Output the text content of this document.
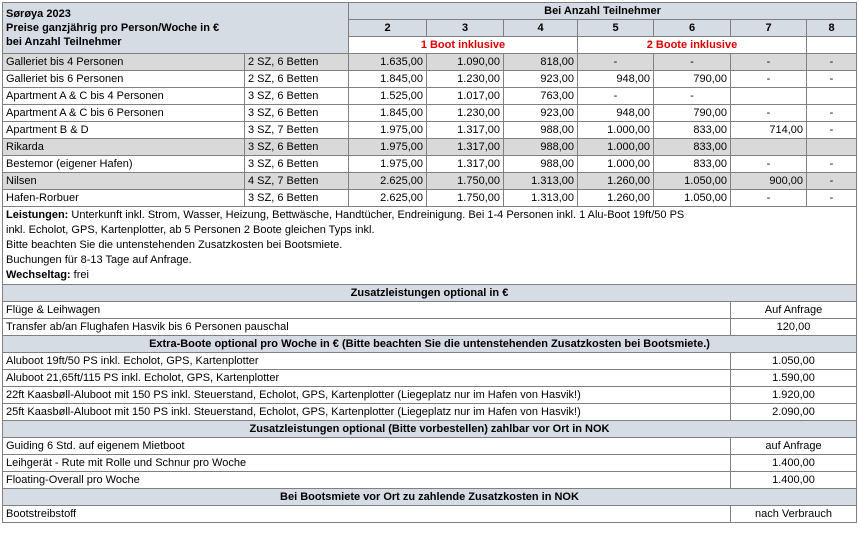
Sørøya 2023
Preise ganzjährig pro Person/Woche in €
bei Anzahl Teilnehmer		Bei Anzahl Teilnehmer						
		2	3	4	5	6	7	8
		1 Boot inklusive			2 Boote inklusive			
Galleriet bis 4 Personen	2 SZ, 6 Betten	1.635,00	1.090,00	818,00	-	-	-	-
Galleriet bis 6 Personen	2 SZ, 6 Betten	1.845,00	1.230,00	923,00	948,00	790,00	-	-
Apartment A & C bis 4 Personen	3 SZ, 6 Betten	1.525,00	1.017,00	763,00	-	-		
Apartment A & C bis 6 Personen	3 SZ, 6 Betten	1.845,00	1.230,00	923,00	948,00	790,00	-	-
Apartment B & D	3 SZ, 7 Betten	1.975,00	1.317,00	988,00	1.000,00	833,00	714,00	-
Rikarda	3 SZ, 6 Betten	1.975,00	1.317,00	988,00	1.000,00	833,00		
Bestemor (eigener Hafen)	3 SZ, 6 Betten	1.975,00	1.317,00	988,00	1.000,00	833,00	-	-
Nilsen	4 SZ, 7 Betten	2.625,00	1.750,00	1.313,00	1.260,00	1.050,00	900,00	-
Hafen-Rorbuer	3 SZ, 6 Betten	2.625,00	1.750,00	1.313,00	1.260,00	1.050,00	-	-

Leistungen: Unterkunft inkl. Strom, Wasser, Heizung, Bettwäsche, Handtücher, Endreinigung. Bei 1-4 Personen inkl. 1 Alu-Boot 19ft/50 PS
inkl. Echolot, GPS, Kartenplotter, ab 5 Personen 2 Boote gleichen Typs inkl.
Bitte beachten Sie die untenstehenden Zusatzkosten bei Bootsmiete.
Buchungen für 8-13 Tage auf Anfrage.
Wechseltag: frei								

Zusatzleistungen optional in €								
Flüge & Leihwagen							Auf Anfrage	
Transfer ab/an Flughafen Hasvik bis 6 Personen pauschal							120,00	
Extra-Boote optional pro Woche in € (Bitte beachten Sie die untenstehenden Zusatzkosten bei Bootsmiete.)								
Aluboot 19ft/50 PS inkl. Echolot, GPS, Kartenplotter							1.050,00	
Aluboot 21,65ft/115 PS inkl. Echolot, GPS, Kartenplotter							1.590,00	
22ft Kaasbøll-Aluboot mit 150 PS inkl. Steuerstand, Echolot, GPS, Kartenplotter (Liegeplatz nur im Hafen von Hasvik!)							1.920,00	
25ft Kaasbøll-Aluboot mit 150 PS inkl. Steuerstand, Echolot, GPS, Kartenplotter (Liegeplatz nur im Hafen von Hasvik!)							2.090,00	
Zusatzleistungen optional (Bitte vorbestellen) zahlbar vor Ort in NOK								
Guiding 6 Std. auf eigenem Mietboot							auf Anfrage	
Leihgerät - Rute mit Rolle und Schnur pro Woche							1.400,00	
Floating-Overall pro Woche							1.400,00	
Bei Bootsmiete vor Ort zu zahlende Zusatzkosten in NOK								
Bootstreibstoff							nach Verbrauch	
